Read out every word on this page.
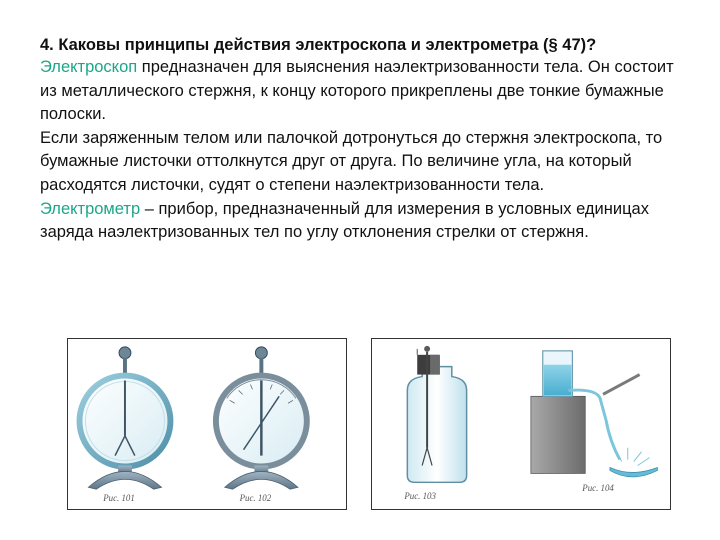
4. Каковы принципы действия электроскопа и электрометра (§ 47)?

Электроскоп предназначен для выяснения наэлектризованности тела. Он состоит из металлического стержня, к концу которого прикреплены две тонкие бумажные полоски.

Если заряженным телом или палочкой дотронуться до стержня электроскопа, то бумажные листочки оттолкнутся друг от друга. По величине угла, на который расходятся листочки, судят о степени наэлектризованности тела.

Электрометр – прибор, предназначенный для измерения в условных единицах заряда наэлектризованных тел по углу отклонения стрелки от стержня.

Рис. 101	Рис. 102	Рис. 103
Рис. 104
